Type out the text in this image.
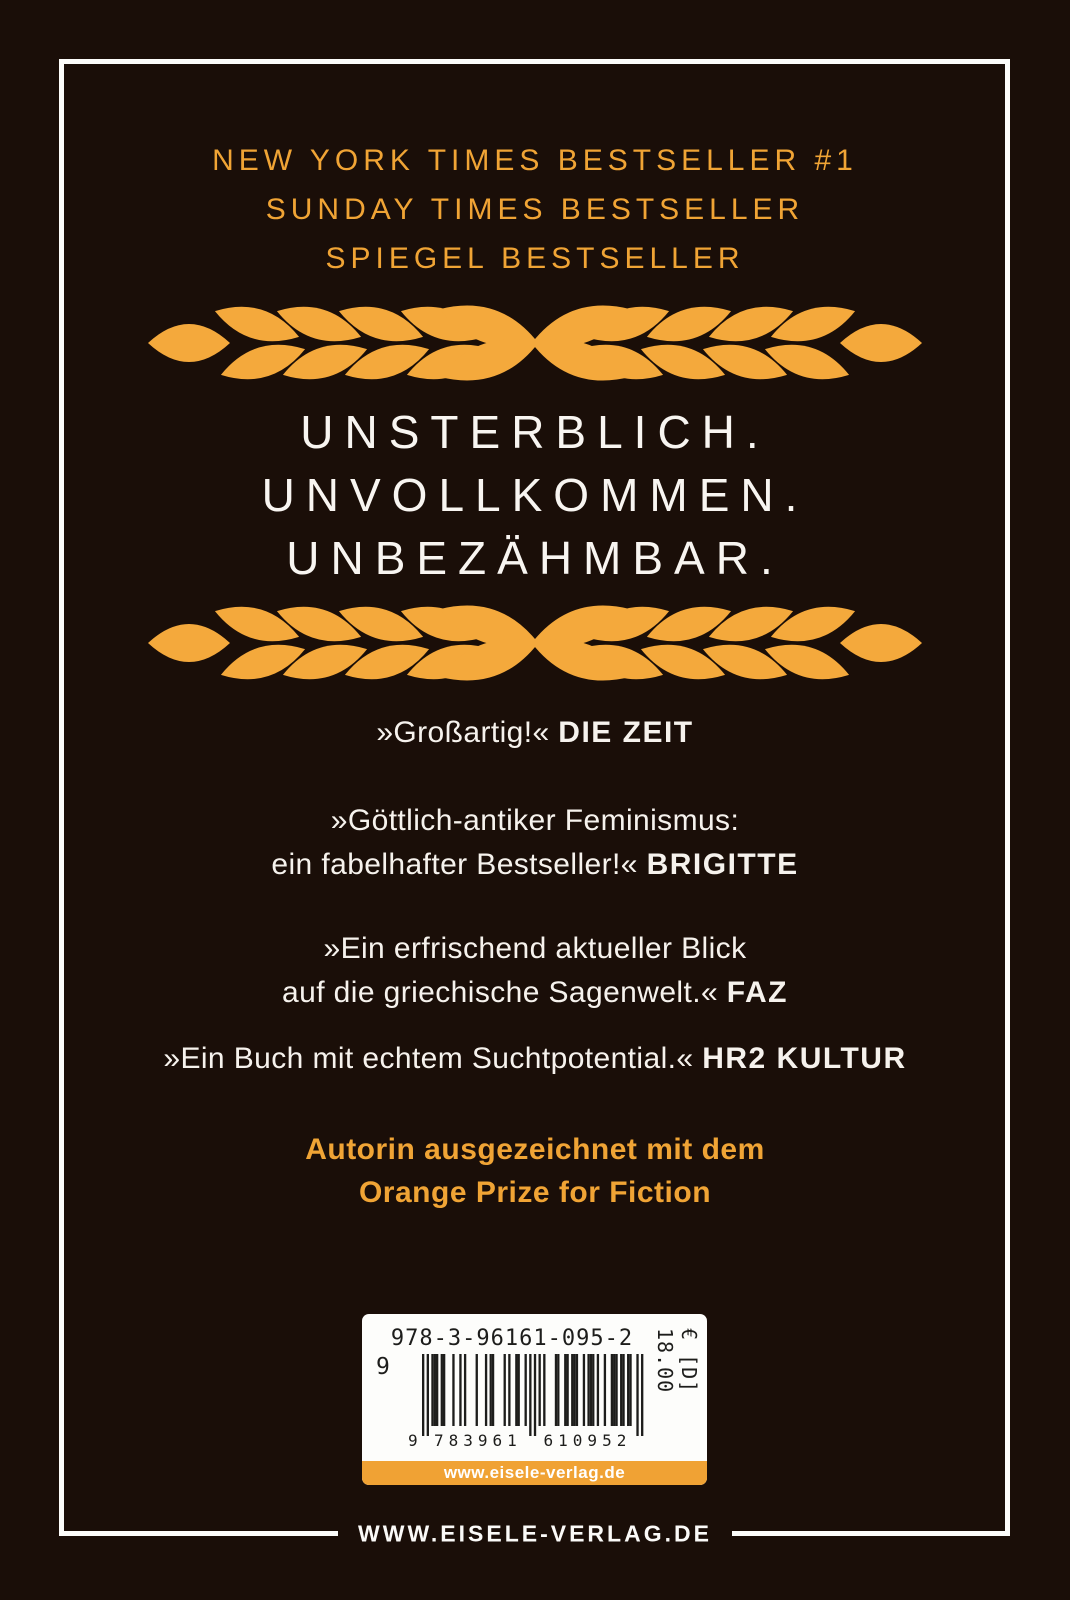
NEW YORK TIMES BESTSELLER #1
SUNDAY TIMES BESTSELLER
SPIEGEL BESTSELLER
UNSTERBLICH.
UNVOLLKOMMEN.
UNBEZÄHMBAR.

»Großartig!« DIE ZEIT

»Göttlich-antiker Feminismus:
ein fabelhafter Bestseller!« BRIGITTE

»Ein erfrischend aktueller Blick
auf die griechische Sagenwelt.« FAZ

»Ein Buch mit echtem Suchtpotential.« HR2 KULTUR

Autorin ausgezeichnet mit dem
Orange Prize for Fiction
978-3-96161-095-2
9
9 783961 610952
€ [D]
18.00
www.eisele-verlag.de
WWW.EISELE-VERLAG.DE
